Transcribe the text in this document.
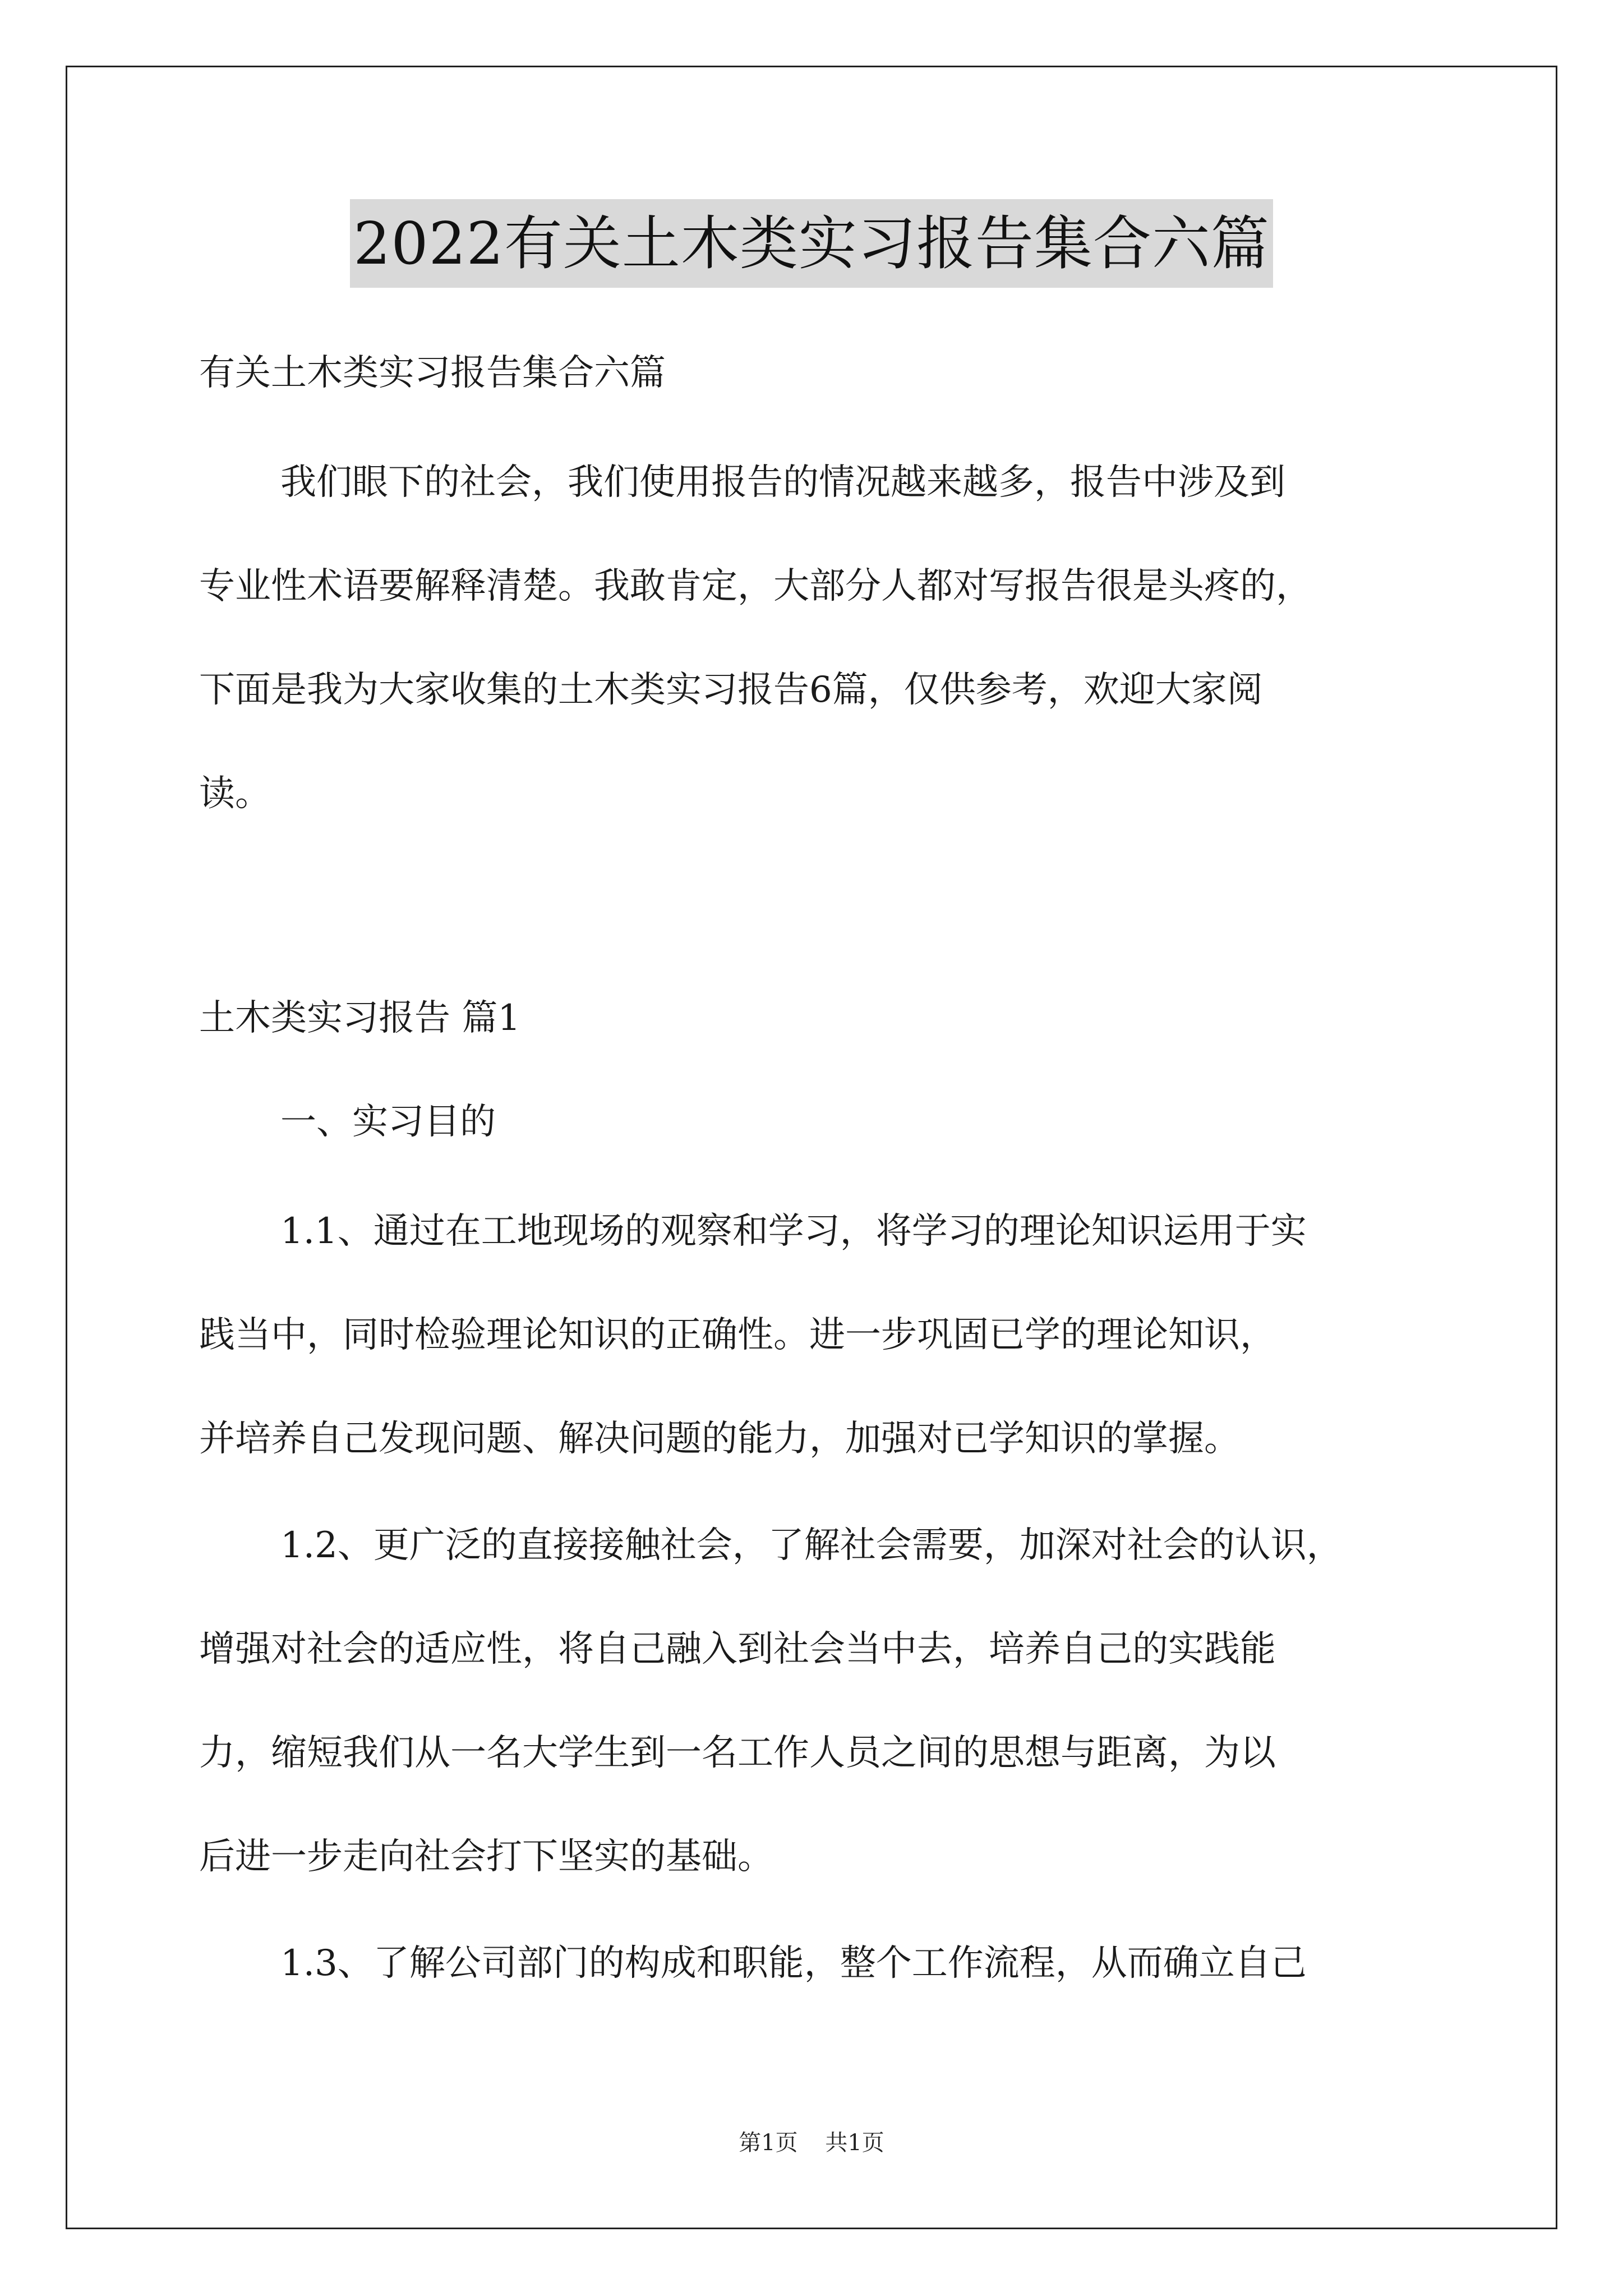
2022有关土木类实习报告集合六篇
有关土木类实习报告集合六篇
我们眼下的社会，我们使用报告的情况越来越多，报告中涉及到
专业性术语要解释清楚。我敢肯定，大部分人都对写报告很是头疼的，
下面是我为大家收集的土木类实习报告6篇，仅供参考，欢迎大家阅
读。
土木类实习报告 篇1
一、实习目的
1.1、通过在工地现场的观察和学习，将学习的理论知识运用于实
践当中，同时检验理论知识的正确性。进一步巩固已学的理论知识，
并培养自己发现问题、解决问题的能力，加强对已学知识的掌握。
1.2、更广泛的直接接触社会，了解社会需要，加深对社会的认识，
增强对社会的适应性，将自己融入到社会当中去，培养自己的实践能
力，缩短我们从一名大学生到一名工作人员之间的思想与距离，为以
后进一步走向社会打下坚实的基础。
1.3、了解公司部门的构成和职能，整个工作流程，从而确立自己
第1页 共1页
